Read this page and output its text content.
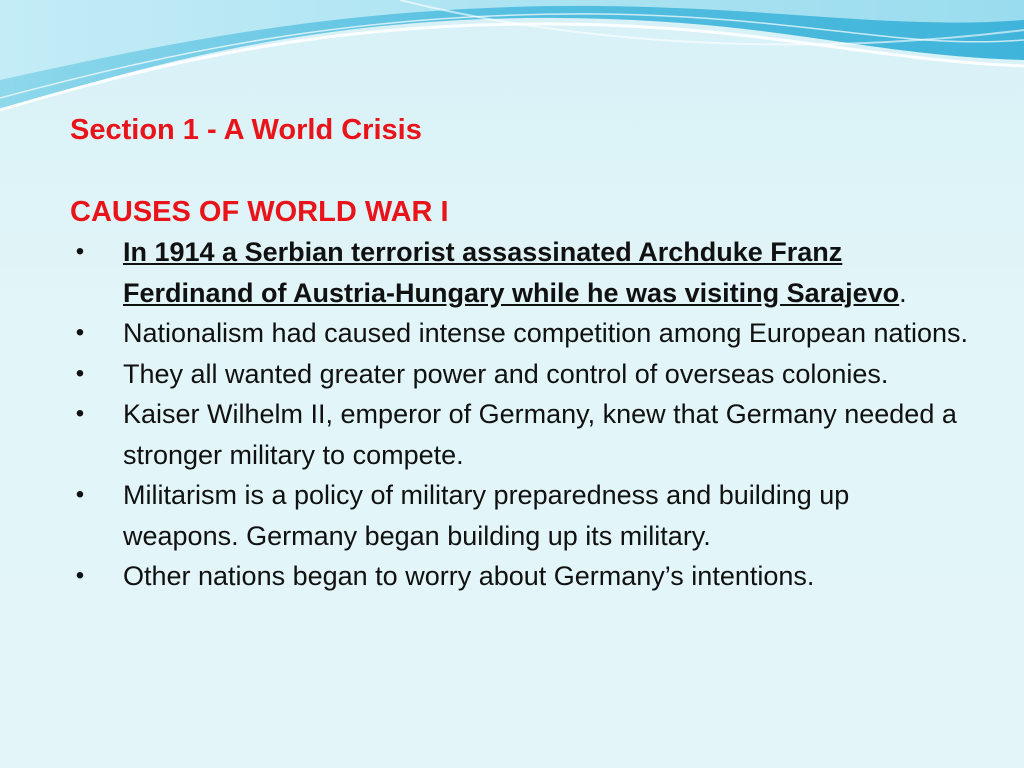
Section 1 - A World Crisis
CAUSES OF WORLD WAR I
• In 1914 a Serbian terrorist assassinated Archduke Franz Ferdinand of Austria-Hungary while he was visiting Sarajevo.
• Nationalism had caused intense competition among European nations.
• They all wanted greater power and control of overseas colonies.
• Kaiser Wilhelm II, emperor of Germany, knew that Germany needed a stronger military to compete.
• Militarism is a policy of military preparedness and building up weapons. Germany began building up its military.
• Other nations began to worry about Germany’s intentions.
